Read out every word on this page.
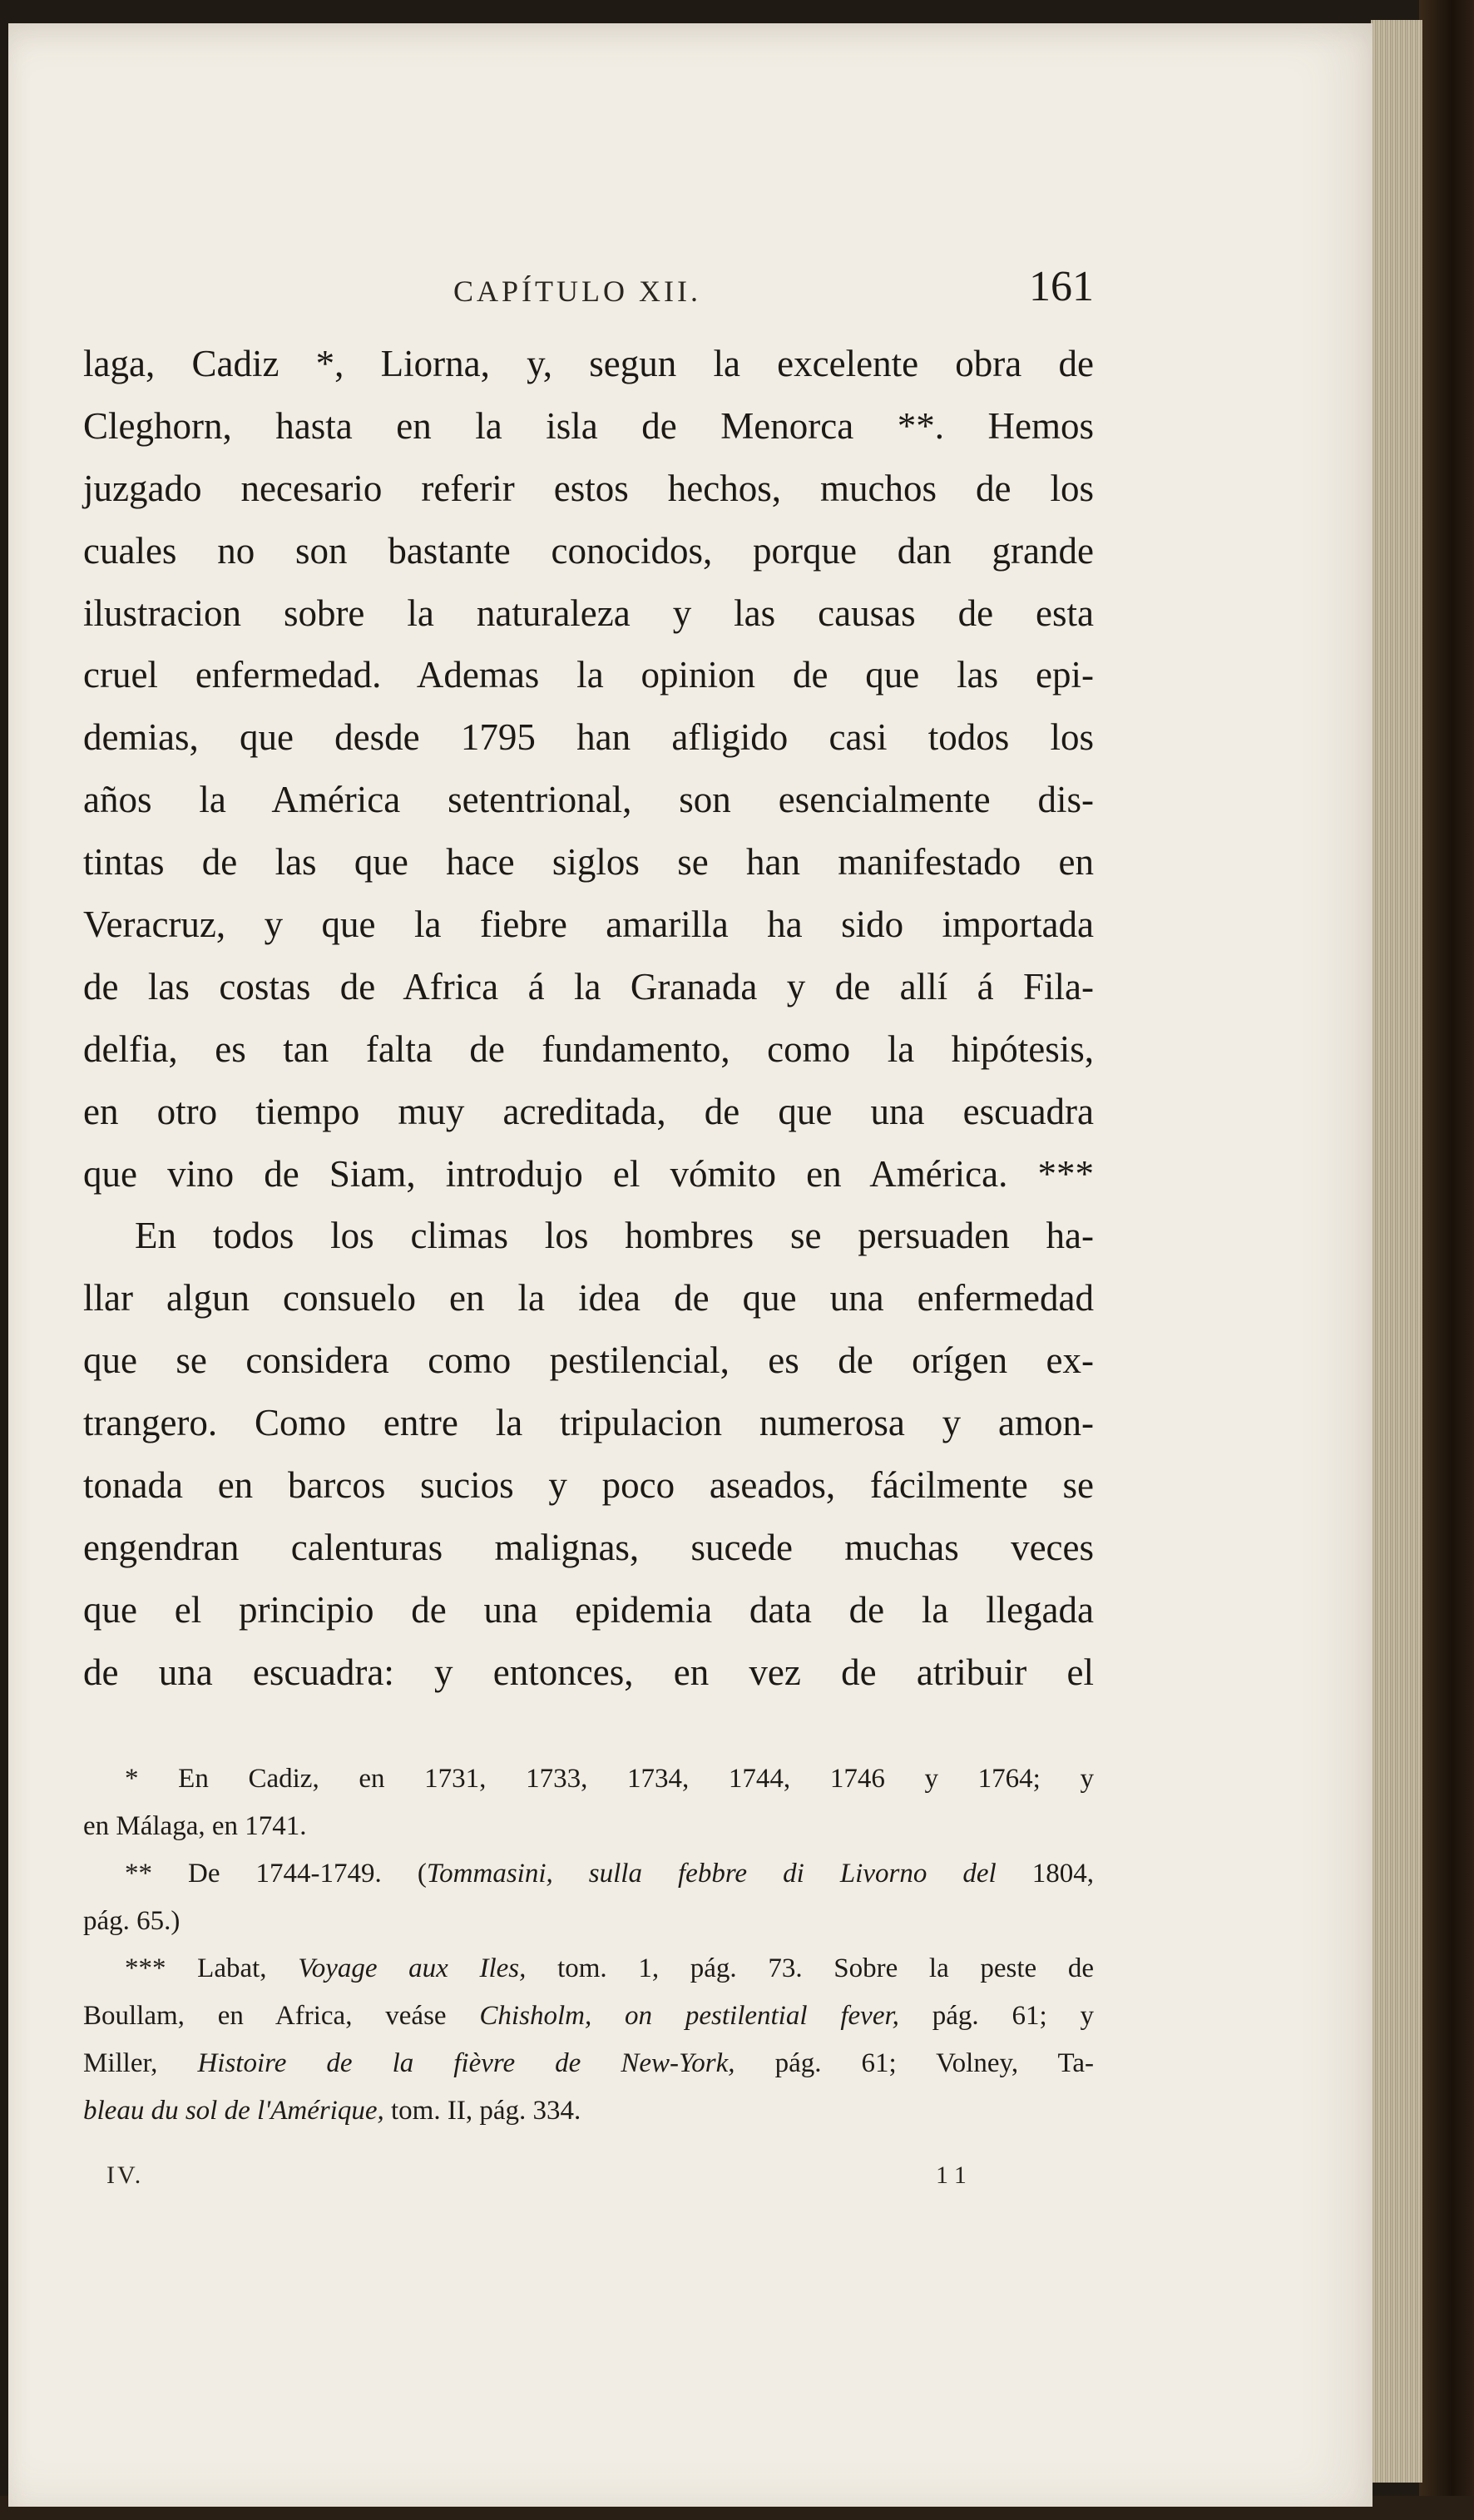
CAPÍTULO XII.	161
laga, Cadiz *, Liorna, y, segun la excelente obra de
Cleghorn, hasta en la isla de Menorca **. Hemos
juzgado necesario referir estos hechos, muchos de los
cuales no son bastante conocidos, porque dan grande
ilustracion sobre la naturaleza y las causas de esta
cruel enfermedad. Ademas la opinion de que las epi-
demias, que desde 1795 han afligido casi todos los
años la América setentrional, son esencialmente dis-
tintas de las que hace siglos se han manifestado en
Veracruz, y que la fiebre amarilla ha sido importada
de las costas de Africa á la Granada y de allí á Fila-
delfia, es tan falta de fundamento, como la hipótesis,
en otro tiempo muy acreditada, de que una escuadra
que vino de Siam, introdujo el vómito en América. ***
En todos los climas los hombres se persuaden ha-
llar algun consuelo en la idea de que una enfermedad
que se considera como pestilencial, es de orígen ex-
trangero. Como entre la tripulacion numerosa y amon-
tonada en barcos sucios y poco aseados, fácilmente se
engendran calenturas malignas, sucede muchas veces
que el principio de una epidemia data de la llegada
de una escuadra: y entonces, en vez de atribuir el
* En Cadiz, en 1731, 1733, 1734, 1744, 1746 y 1764; y
en Málaga, en 1741.
** De 1744-1749. (Tommasini, sulla febbre di Livorno del 1804,
pág. 65.)
*** Labat, Voyage aux Iles, tom. 1, pág. 73. Sobre la peste de
Boullam, en Africa, veáse Chisholm, on pestilential fever, pág. 61; y
Miller, Histoire de la fièvre de New-York, pág. 61; Volney, Ta-
bleau du sol de l'Amérique, tom. II, pág. 334.
IV.	11
